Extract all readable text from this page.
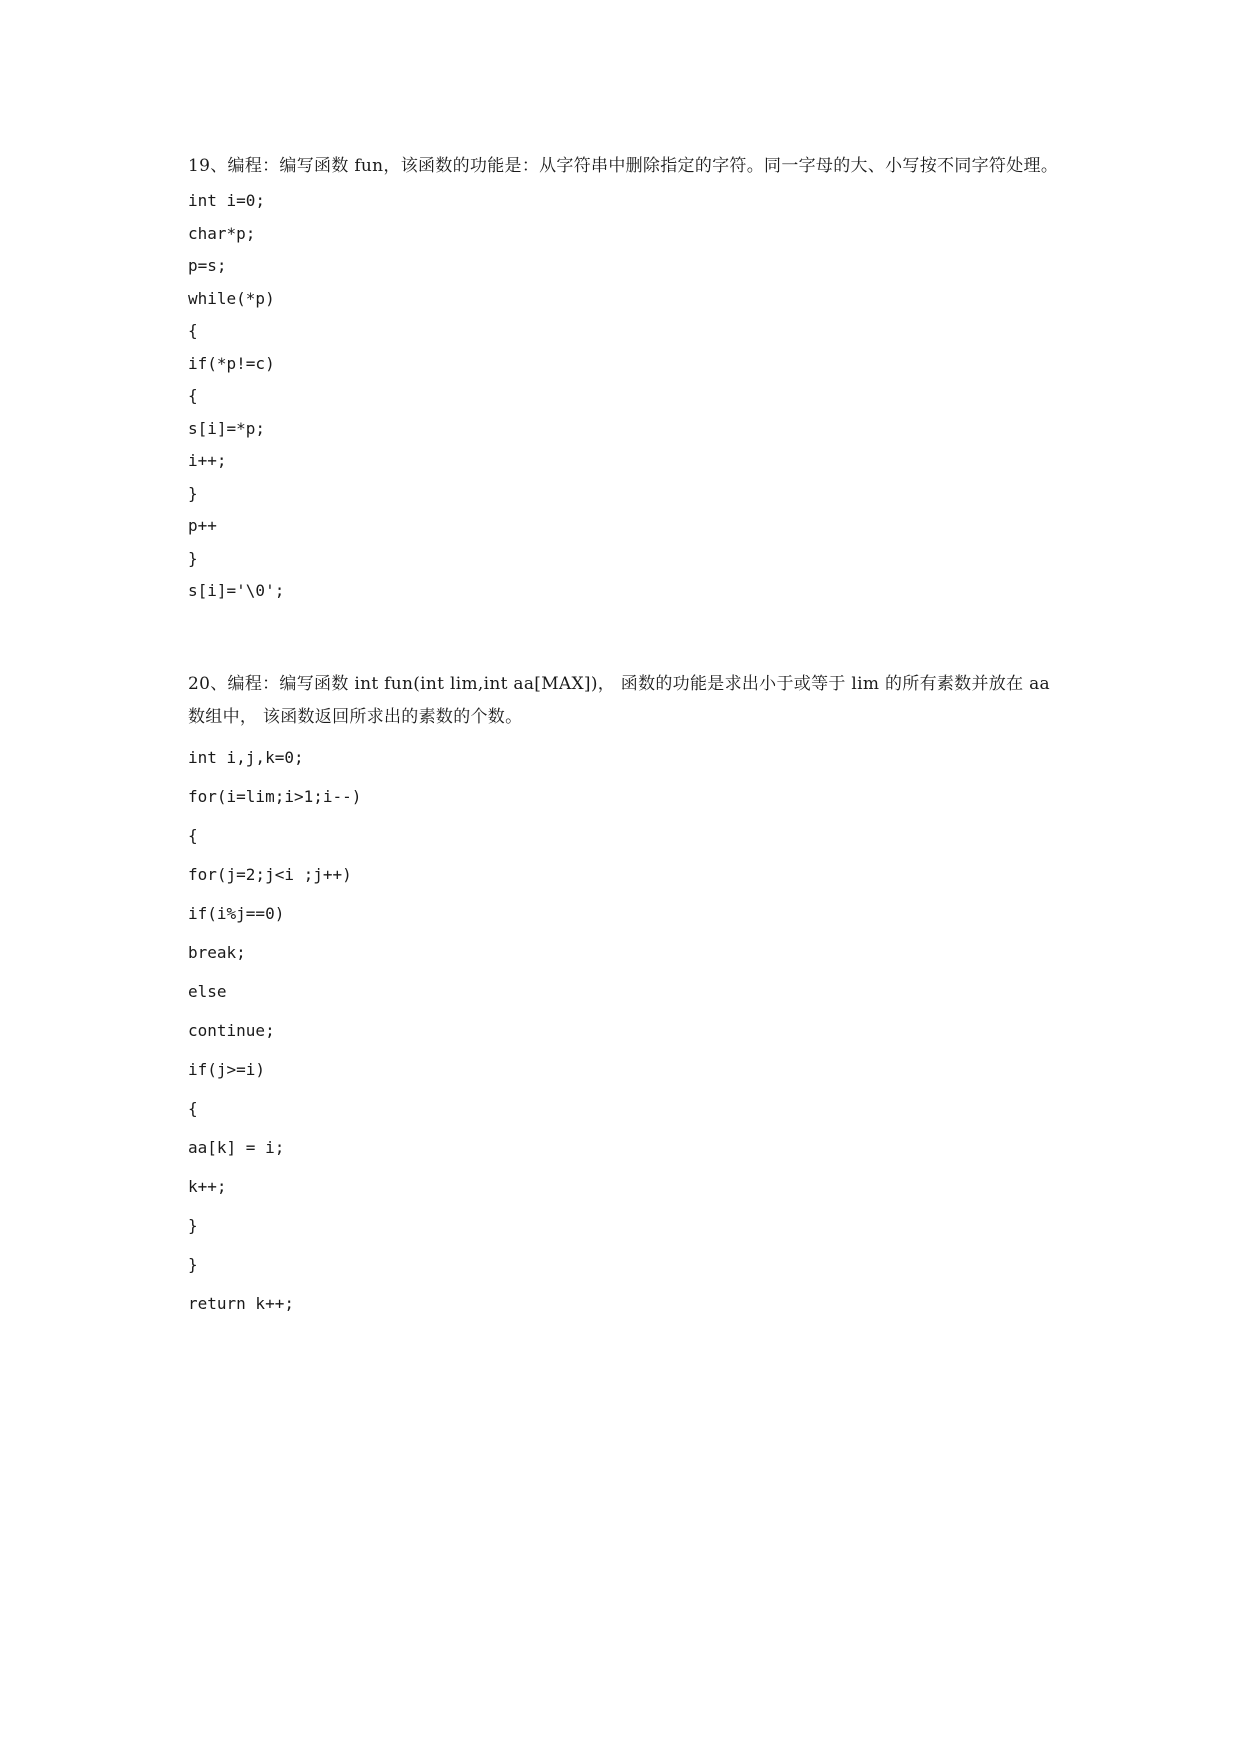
19、编程：编写函数 fun，该函数的功能是：从字符串中删除指定的字符。同一字母的大、小写按不同字符处理。

int i=0;

char*p;

p=s;

while(*p)

{

if(*p!=c)

{

s[i]=*p;

i++;

}

p++

}

s[i]='\0';

20、编程：编写函数 int fun(int lim,int aa[MAX])， 函数的功能是求出小于或等于 lim 的所有素数并放在 aa 数组中， 该函数返回所求出的素数的个数。

int i,j,k=0;

for(i=lim;i>1;i--)

{

for(j=2;j<i ;j++)

if(i%j==0)

break;

else

continue;

if(j>=i)

{

aa[k] = i;

k++;

}

}

return k++;
